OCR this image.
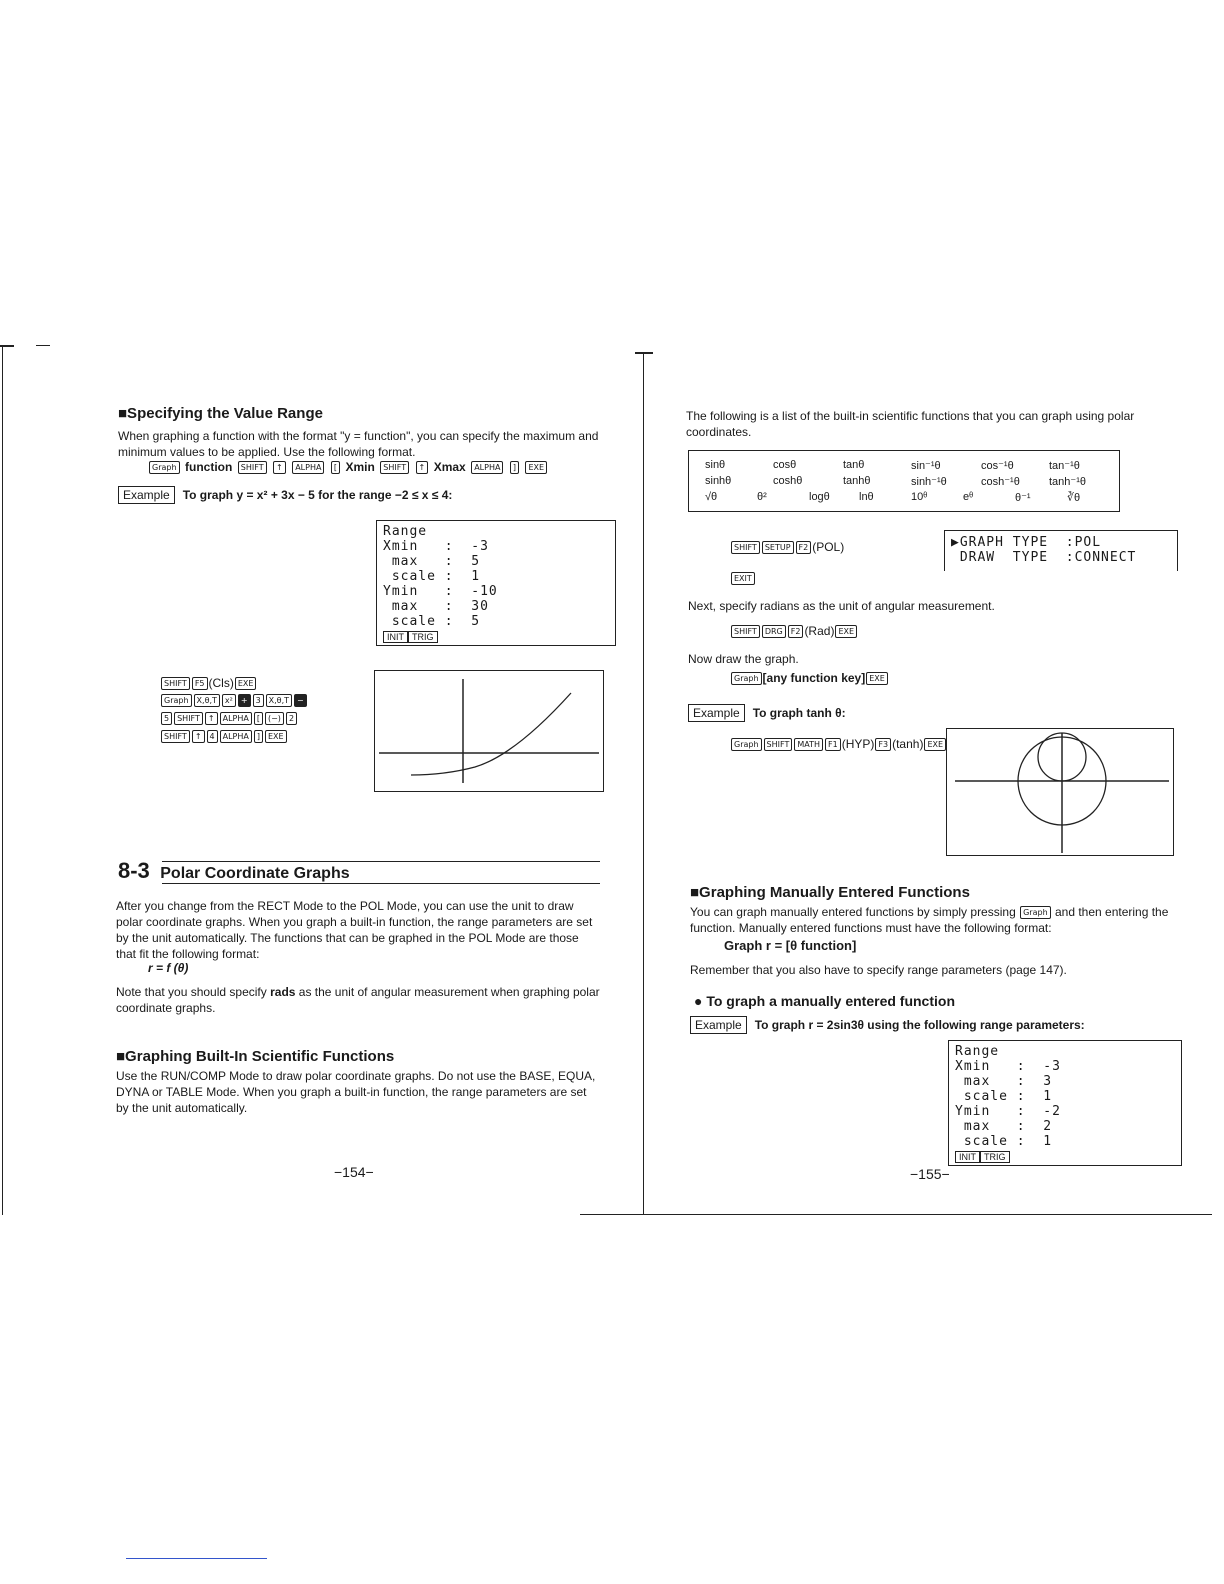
■Specifying the Value Range
When graphing a function with the format "y = function", you can specify the maximum and minimum values to be applied. Use the following format.
Graph function SHIFT ↑ ALPHA [ Xmin SHIFT ↑ Xmax ALPHA ] EXE
Example To graph y = x² + 3x − 5 for the range −2 ≤ x ≤ 4:
Range
Xmin   :  -3
max   :  5
scale :  1
Ymin   :  -10
max   :  30
scale :  5
INIT TRIG
SHIFT F5 (Cls) EXE
Graph X,θ,T x² + 3 X,θ,T −
5 SHIFT ↑ ALPHA [ (−) 2
SHIFT ↑ 4 ALPHA ] EXE
8-3 Polar Coordinate Graphs
After you change from the RECT Mode to the POL Mode, you can use the unit to draw polar coordinate graphs. When you graph a built-in function, the range parameters are set by the unit automatically. The functions that can be graphed in the POL Mode are those that fit the following format:
r = f (θ)
Note that you should specify rads as the unit of angular measurement when graphing polar coordinate graphs.
■Graphing Built-In Scientific Functions
Use the RUN/COMP Mode to draw polar coordinate graphs. Do not use the BASE, EQUA, DYNA or TABLE Mode. When you graph a built-in function, the range parameters are set by the unit automatically.
−154−
The following is a list of the built-in scientific functions that you can graph using polar coordinates.
sinθ	cosθ	tanθ	sin⁻¹θ	cos⁻¹θ	tan⁻¹θ
sinhθ	coshθ	tanhθ	sinh⁻¹θ	cosh⁻¹θ	tanh⁻¹θ
√θ	θ²	logθ	lnθ	10ᶿ	eᶿ	θ⁻¹	∛θ
SHIFT SETUP F2 (POL)
EXIT
▶GRAPH TYPE  :POL
DRAW  TYPE  :CONNECT
Next, specify radians as the unit of angular measurement.
SHIFT DRG F2 (Rad) EXE
Now draw the graph.
Graph [any function key] EXE
Example To graph tanh θ:
Graph SHIFT MATH F1 (HYP) F3 (tanh) EXE
■Graphing Manually Entered Functions
You can graph manually entered functions by simply pressing Graph and then entering the function. Manually entered functions must have the following format:
Graph r = [θ function]
Remember that you also have to specify range parameters (page 147).
● To graph a manually entered function
Example To graph r = 2sin3θ using the following range parameters:
Range
Xmin   :  -3
max   :  3
scale :  1
Ymin   :  -2
max   :  2
scale :  1
INIT TRIG
−155−
